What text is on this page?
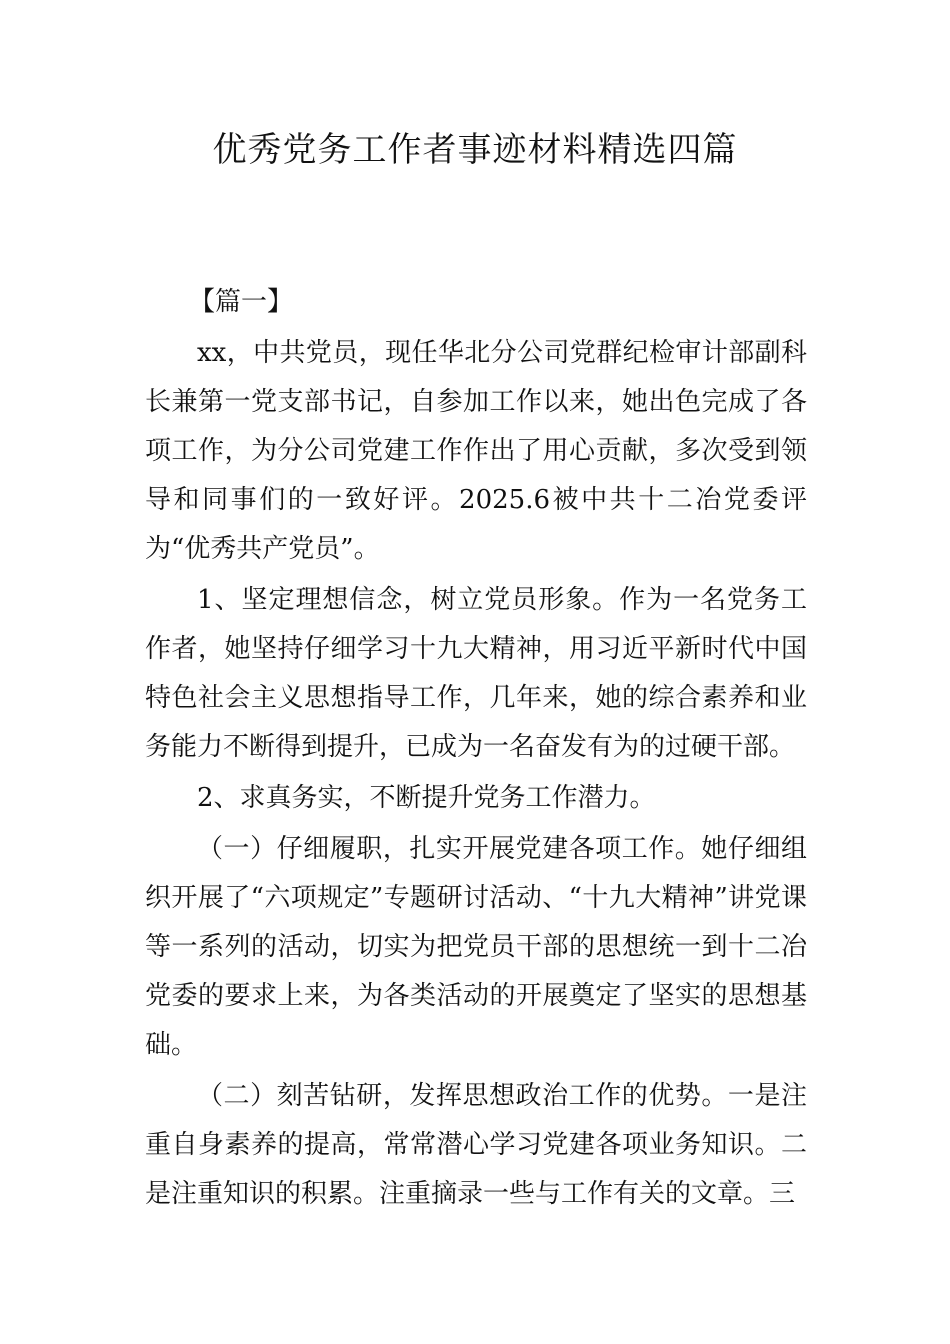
优秀党务工作者事迹材料精选四篇

【篇一】

xx，中共党员，现任华北分公司党群纪检审计部副科长兼第一党支部书记，自参加工作以来，她出色完成了各项工作，为分公司党建工作作出了用心贡献，多次受到领导和同事们的一致好评。2025.6被中共十二冶党委评为“优秀共产党员”。

1、坚定理想信念，树立党员形象。作为一名党务工作者，她坚持仔细学习十九大精神，用习近平新时代中国特色社会主义思想指导工作，几年来，她的综合素养和业务能力不断得到提升，已成为一名奋发有为的过硬干部。

2、求真务实，不断提升党务工作潜力。

（一）仔细履职，扎实开展党建各项工作。她仔细组织开展了“六项规定”专题研讨活动、“十九大精神”讲党课等一系列的活动，切实为把党员干部的思想统一到十二冶党委的要求上来，为各类活动的开展奠定了坚实的思想基础。

（二）刻苦钻研，发挥思想政治工作的优势。一是注重自身素养的提高，常常潜心学习党建各项业务知识。二是注重知识的积累。注重摘录一些与工作有关的文章。三
